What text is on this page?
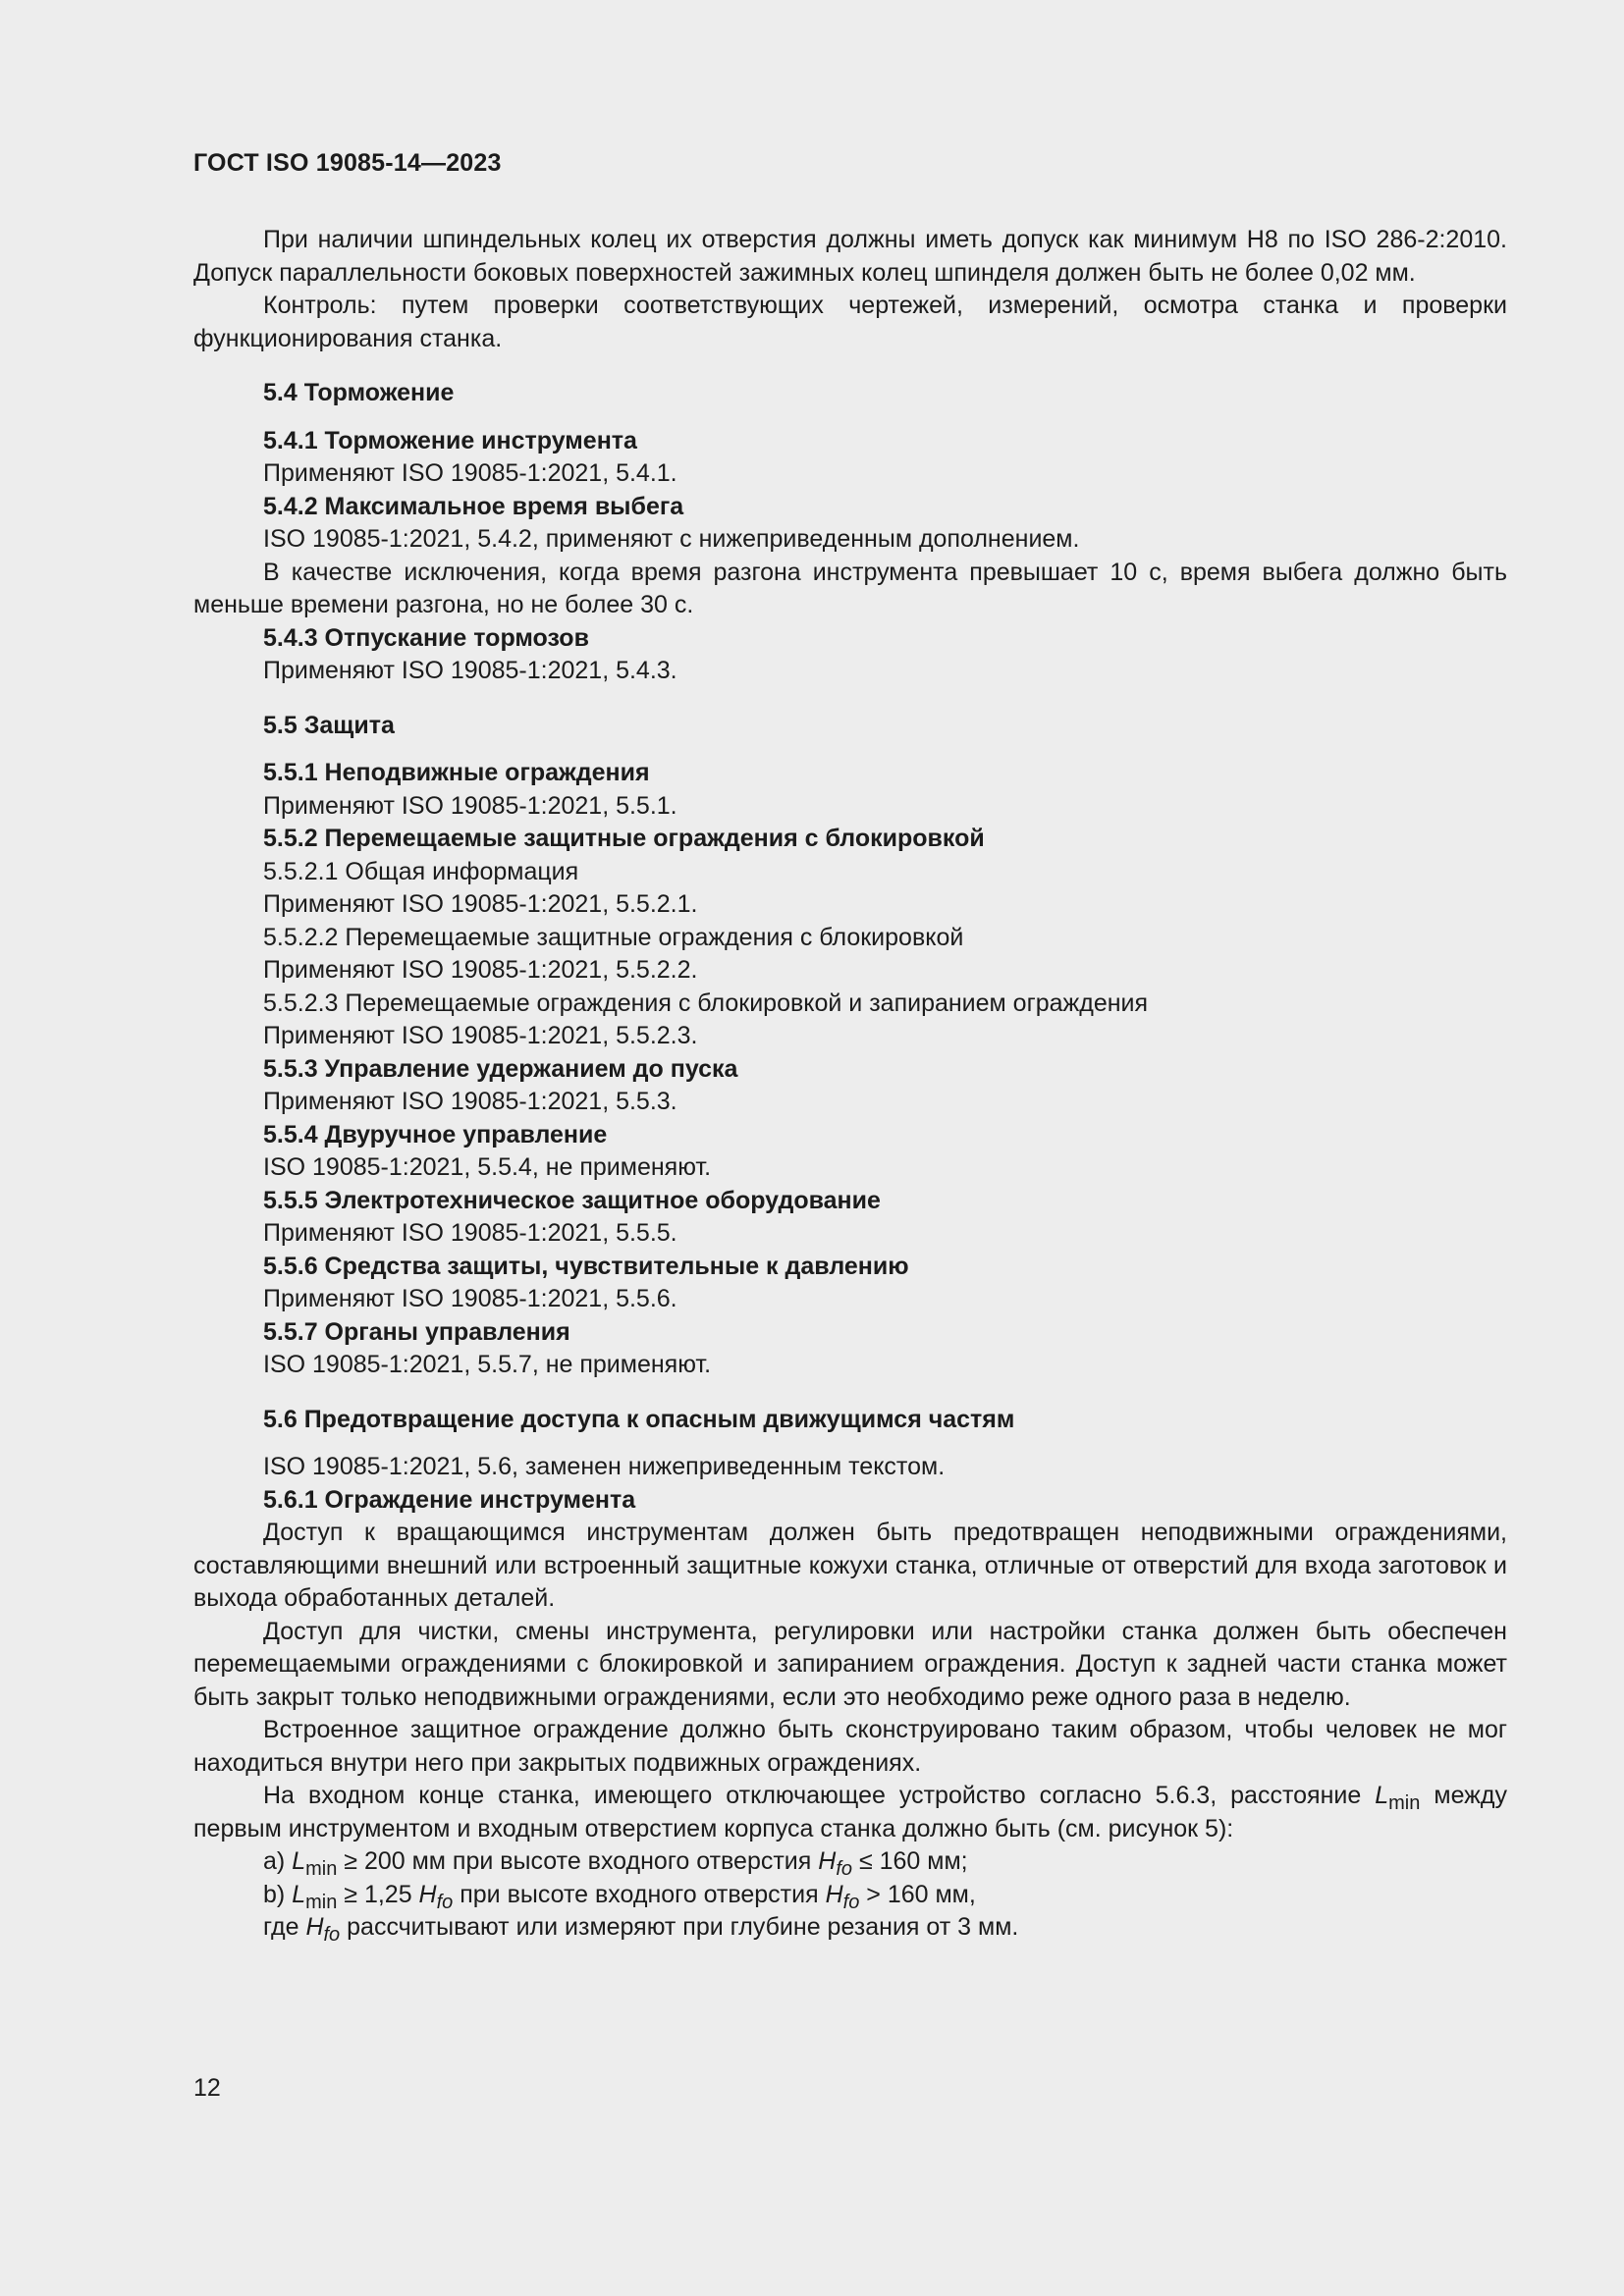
ГОСТ ISO 19085-14—2023

При наличии шпиндельных колец их отверстия должны иметь допуск как минимум H8 по ISO 286-2:2010. Допуск параллельности боковых поверхностей зажимных колец шпинделя должен быть не более 0,02 мм.

Контроль: путем проверки соответствующих чертежей, измерений, осмотра станка и проверки функционирования станка.

5.4 Торможение

5.4.1 Торможение инструмента

Применяют ISO 19085-1:2021, 5.4.1.

5.4.2 Максимальное время выбега

ISO 19085-1:2021, 5.4.2, применяют с нижеприведенным дополнением.

В качестве исключения, когда время разгона инструмента превышает 10 с, время выбега должно быть меньше времени разгона, но не более 30 с.

5.4.3 Отпускание тормозов

Применяют ISO 19085-1:2021, 5.4.3.

5.5 Защита

5.5.1 Неподвижные ограждения

Применяют ISO 19085-1:2021, 5.5.1.

5.5.2 Перемещаемые защитные ограждения с блокировкой

5.5.2.1 Общая информация

Применяют ISO 19085-1:2021, 5.5.2.1.

5.5.2.2 Перемещаемые защитные ограждения с блокировкой

Применяют ISO 19085-1:2021, 5.5.2.2.

5.5.2.3 Перемещаемые ограждения с блокировкой и запиранием ограждения

Применяют ISO 19085-1:2021, 5.5.2.3.

5.5.3 Управление удержанием до пуска

Применяют ISO 19085-1:2021, 5.5.3.

5.5.4 Двуручное управление

ISO 19085-1:2021, 5.5.4, не применяют.

5.5.5 Электротехническое защитное оборудование

Применяют ISO 19085-1:2021, 5.5.5.

5.5.6 Средства защиты, чувствительные к давлению

Применяют ISO 19085-1:2021, 5.5.6.

5.5.7 Органы управления

ISO 19085-1:2021, 5.5.7, не применяют.

5.6 Предотвращение доступа к опасным движущимся частям

ISO 19085-1:2021, 5.6, заменен нижеприведенным текстом.

5.6.1 Ограждение инструмента

Доступ к вращающимся инструментам должен быть предотвращен неподвижными ограждениями, составляющими внешний или встроенный защитные кожухи станка, отличные от отверстий для входа заготовок и выхода обработанных деталей.

Доступ для чистки, смены инструмента, регулировки или настройки станка должен быть обеспечен перемещаемыми ограждениями с блокировкой и запиранием ограждения. Доступ к задней части станка может быть закрыт только неподвижными ограждениями, если это необходимо реже одного раза в неделю.

Встроенное защитное ограждение должно быть сконструировано таким образом, чтобы человек не мог находиться внутри него при закрытых подвижных ограждениях.

На входном конце станка, имеющего отключающее устройство согласно 5.6.3, расстояние $L_{min}$ между первым инструментом и входным отверстием корпуса станка должно быть (см. рисунок 5):

а) $L_{min} \ge 200$ мм при высоте входного отверстия $H_{fo} \le 160$ мм;

b) $L_{min} \ge 1,25$ $H_{fo}$ при высоте входного отверстия $H_{fo} > 160$ мм,

где $H_{fo}$ рассчитывают или измеряют при глубине резания от 3 мм.

12
